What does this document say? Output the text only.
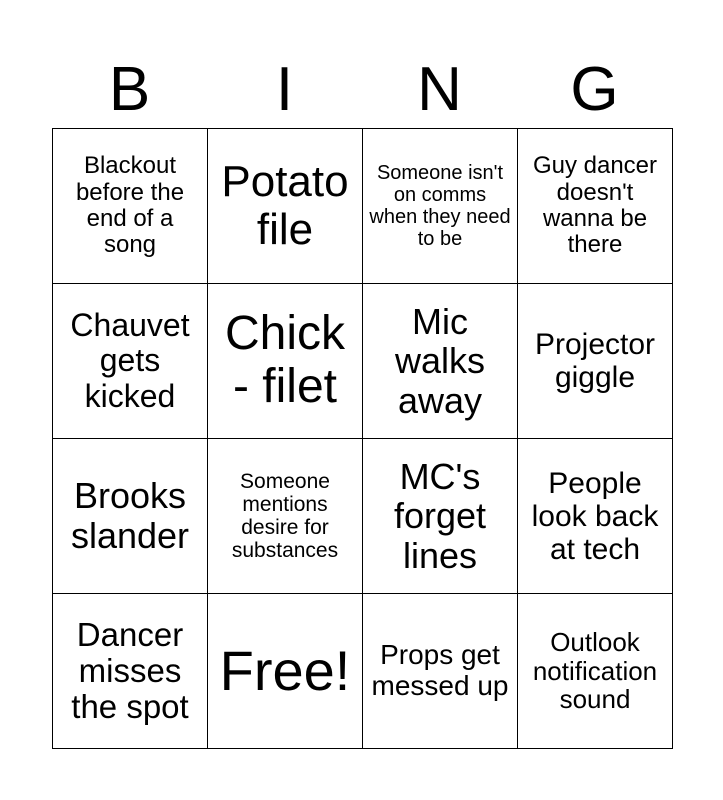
B	I	N	G
Blackout before the end of a song	Potato file	Someone isn't on comms when they need to be	Guy dancer doesn't wanna be there
Chauvet gets kicked	Chick - filet	Mic walks away	Projector giggle
Brooks slander	Someone mentions desire for substances	MC's forget lines	People look back at tech
Dancer misses the spot	Free!	Props get messed up	Outlook notification sound
